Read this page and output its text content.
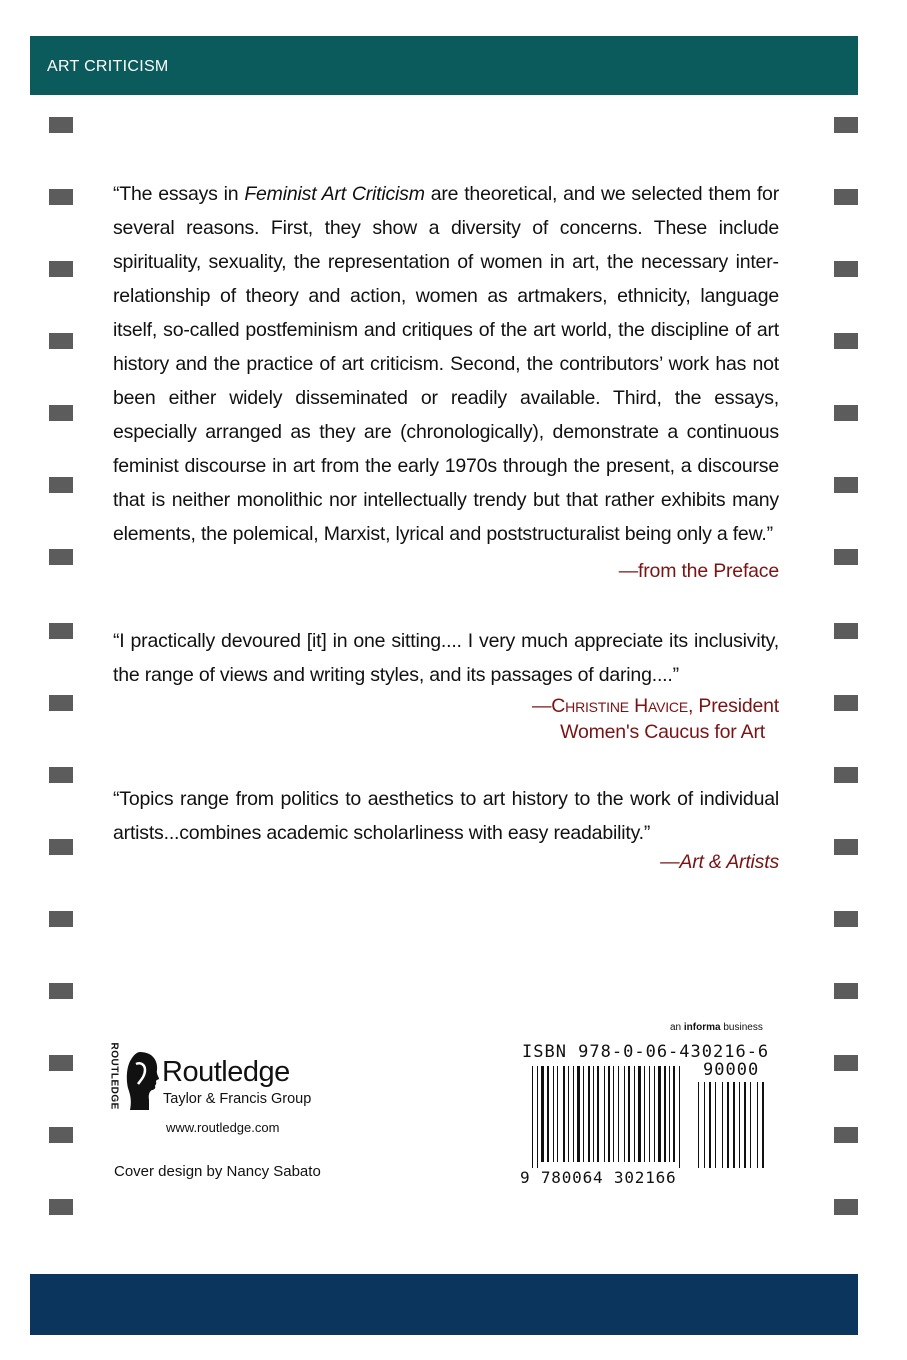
ART CRITICISM

“The essays in Feminist Art Criticism are theoretical, and we selected them for several reasons. First, they show a diversity of concerns. These include spirituality, sexuality, the representation of women in art, the necessary interrelationship of theory and action, women as artmakers, ethnicity, language itself, so-called postfeminism and critiques of the art world, the discipline of art history and the practice of art criticism. Second, the contributors’ work has not been either widely disseminated or readily available. Third, the essays, especially arranged as they are (chronologically), demonstrate a continuous feminist discourse in art from the early 1970s through the present, a discourse that is neither monolithic nor intellectually trendy but that rather exhibits many elements, the polemical, Marxist, lyrical and poststructuralist being only a few.”

—from the Preface

“I practically devoured [it] in one sitting.... I very much appreciate its inclusivity, the range of views and writing styles, and its passages of daring....”

—Christine Havice, President
Women's Caucus for Art

“Topics range from politics to aesthetics to art history to the work of individual artists...combines academic scholarliness with easy readability.”

—Art & Artists
an informa business
ROUTLEDGE Routledge
Taylor & Francis Group
www.routledge.com
Cover design by Nancy Sabato
ISBN 978-0-06-430216-6
90000
9 780064 302166
